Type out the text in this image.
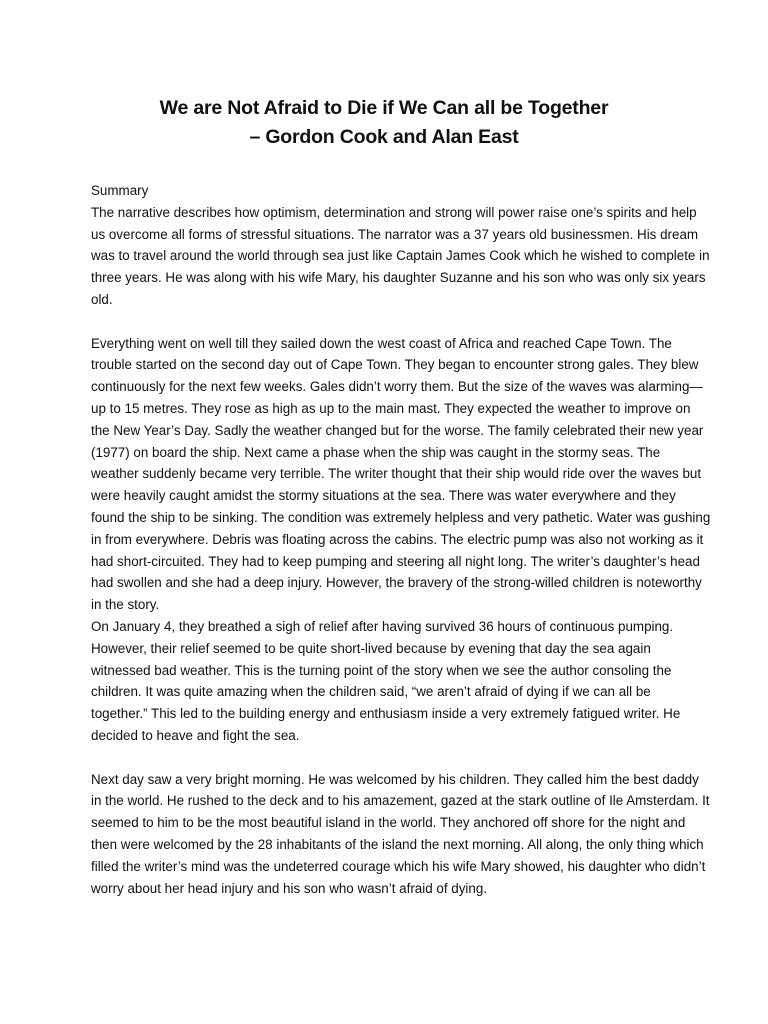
We are Not Afraid to Die if We Can all be Together
– Gordon Cook and Alan East

Summary

The narrative describes how optimism, determination and strong will power raise one’s spirits and help us overcome all forms of stressful situations. The narrator was a 37 years old businessmen. His dream was to travel around the world through sea just like Captain James Cook which he wished to complete in three years. He was along with his wife Mary, his daughter Suzanne and his son who was only six years old.

Everything went on well till they sailed down the west coast of Africa and reached Cape Town. The trouble started on the second day out of Cape Town. They began to encounter strong gales. They blew continuously for the next few weeks. Gales didn’t worry them. But the size of the waves was alarming— up to 15 metres. They rose as high as up to the main mast. They expected the weather to improve on the New Year’s Day. Sadly the weather changed but for the worse. The family celebrated their new year (1977) on board the ship. Next came a phase when the ship was caught in the stormy seas. The weather suddenly became very terrible. The writer thought that their ship would ride over the waves but were heavily caught amidst the stormy situations at the sea. There was water everywhere and they found the ship to be sinking. The condition was extremely helpless and very pathetic. Water was gushing in from everywhere. Debris was floating across the cabins. The electric pump was also not working as it had short-circuited. They had to keep pumping and steering all night long. The writer’s daughter’s head had swollen and she had a deep injury. However, the bravery of the strong-willed children is noteworthy in the story.

On January 4, they breathed a sigh of relief after having survived 36 hours of continuous pumping. However, their relief seemed to be quite short-lived because by evening that day the sea again witnessed bad weather. This is the turning point of the story when we see the author consoling the children. It was quite amazing when the children said, “we aren’t afraid of dying if we can all be together.” This led to the building energy and enthusiasm inside a very extremely fatigued writer. He decided to heave and fight the sea.

Next day saw a very bright morning. He was welcomed by his children. They called him the best daddy in the world. He rushed to the deck and to his amazement, gazed at the stark outline of Ile Amsterdam. It seemed to him to be the most beautiful island in the world. They anchored off shore for the night and then were welcomed by the 28 inhabitants of the island the next morning. All along, the only thing which filled the writer’s mind was the undeterred courage which his wife Mary showed, his daughter who didn’t worry about her head injury and his son who wasn’t afraid of dying.
